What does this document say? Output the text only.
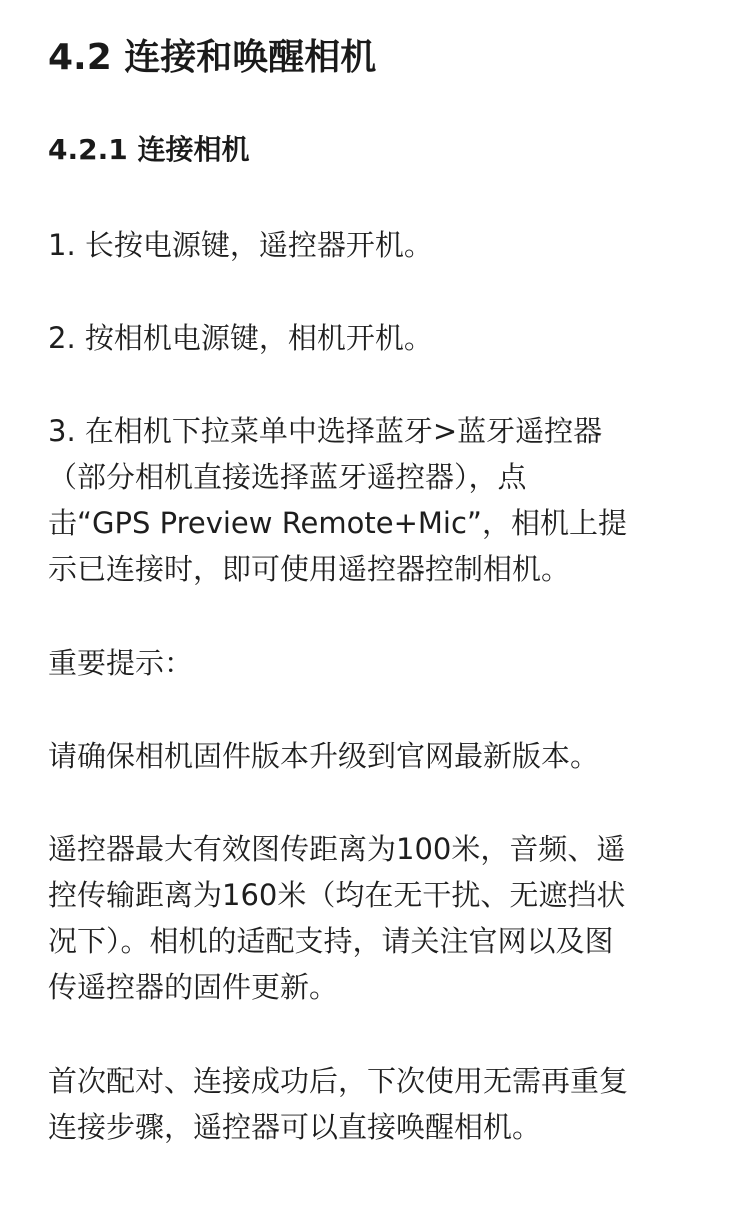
4.2 连接和唤醒相机
4.2.1 连接相机

1. 长按电源键，遥控器开机。

2. 按相机电源键，相机开机。

3. 在相机下拉菜单中选择蓝牙>蓝牙遥控器
（部分相机直接选择蓝牙遥控器），点
击“GPS Preview Remote+Mic”，相机上提
示已连接时，即可使用遥控器控制相机。

重要提示：

请确保相机固件版本升级到官网最新版本。

遥控器最大有效图传距离为100米，音频、遥
控传输距离为160米（均在无干扰、无遮挡状
况下）。相机的适配支持，请关注官网以及图
传遥控器的固件更新。

首次配对、连接成功后，下次使用无需再重复
连接步骤，遥控器可以直接唤醒相机。
